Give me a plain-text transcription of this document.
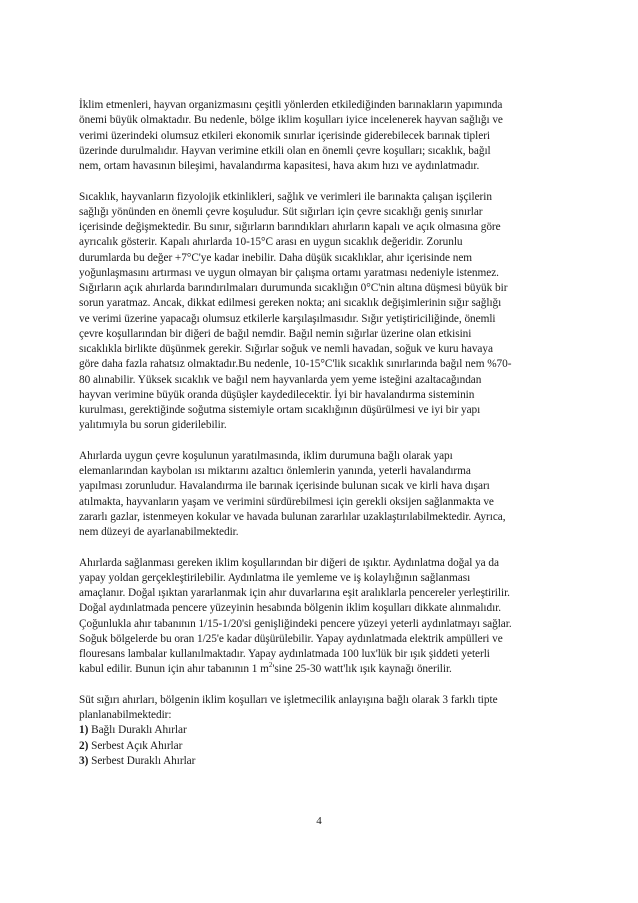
İklim etmenleri, hayvan organizmasını çeşitli yönlerden etkilediğinden barınakların yapımında
önemi büyük olmaktadır. Bu nedenle, bölge iklim koşulları iyice incelenerek hayvan sağlığı ve
verimi üzerindeki olumsuz etkileri ekonomik sınırlar içerisinde giderebilecek barınak tipleri
üzerinde durulmalıdır. Hayvan verimine etkili olan en önemli çevre koşulları; sıcaklık, bağıl
nem, ortam havasının bileşimi, havalandırma kapasitesi, hava akım hızı ve aydınlatmadır.

Sıcaklık, hayvanların fizyolojik etkinlikleri, sağlık ve verimleri ile barınakta çalışan işçilerin
sağlığı yönünden en önemli çevre koşuludur. Süt sığırları için çevre sıcaklığı geniş sınırlar
içerisinde değişmektedir. Bu sınır, sığırların barındıkları ahırların kapalı ve açık olmasına göre
ayrıcalık gösterir. Kapalı ahırlarda 10-15°C arası en uygun sıcaklık değeridir. Zorunlu
durumlarda bu değer +7°C'ye kadar inebilir. Daha düşük sıcaklıklar, ahır içerisinde nem
yoğunlaşmasını artırması ve uygun olmayan bir çalışma ortamı yaratması nedeniyle istenmez.
Sığırların açık ahırlarda barındırılmaları durumunda sıcaklığın 0°C'nin altına düşmesi büyük bir
sorun yaratmaz. Ancak, dikkat edilmesi gereken nokta; ani sıcaklık değişimlerinin sığır sağlığı
ve verimi üzerine yapacağı olumsuz etkilerle karşılaşılmasıdır. Sığır yetiştiriciliğinde, önemli
çevre koşullarından bir diğeri de bağıl nemdir. Bağıl nemin sığırlar üzerine olan etkisini
sıcaklıkla birlikte düşünmek gerekir. Sığırlar soğuk ve nemli havadan, soğuk ve kuru havaya
göre daha fazla rahatsız olmaktadır.Bu nedenle, 10-15°C'lik sıcaklık sınırlarında bağıl nem %70-
80 alınabilir. Yüksek sıcaklık ve bağıl nem hayvanlarda yem yeme isteğini azaltacağından
hayvan verimine büyük oranda düşüşler kaydedilecektir. İyi bir havalandırma sisteminin
kurulması, gerektiğinde soğutma sistemiyle ortam sıcaklığının düşürülmesi ve iyi bir yapı
yalıtımıyla bu sorun giderilebilir.

Ahırlarda uygun çevre koşulunun yaratılmasında, iklim durumuna bağlı olarak yapı
elemanlarından kaybolan ısı miktarını azaltıcı önlemlerin yanında, yeterli havalandırma
yapılması zorunludur. Havalandırma ile barınak içerisinde bulunan sıcak ve kirli hava dışarı
atılmakta, hayvanların yaşam ve verimini sürdürebilmesi için gerekli oksijen sağlanmakta ve
zararlı gazlar, istenmeyen kokular ve havada bulunan zararlılar uzaklaştırılabilmektedir. Ayrıca,
nem düzeyi de ayarlanabilmektedir.

Ahırlarda sağlanması gereken iklim koşullarından bir diğeri de ışıktır. Aydınlatma doğal ya da
yapay yoldan gerçekleştirilebilir. Aydınlatma ile yemleme ve iş kolaylığının sağlanması
amaçlanır. Doğal ışıktan yararlanmak için ahır duvarlarına eşit aralıklarla pencereler yerleştirilir.
Doğal aydınlatmada pencere yüzeyinin hesabında bölgenin iklim koşulları dikkate alınmalıdır.
Çoğunlukla ahır tabanının 1/15-1/20'si genişliğindeki pencere yüzeyi yeterli aydınlatmayı sağlar.
Soğuk bölgelerde bu oran 1/25'e kadar düşürülebilir. Yapay aydınlatmada elektrik ampülleri ve
flouresans lambalar kullanılmaktadır. Yapay aydınlatmada 100 lux'lük bir ışık şiddeti yeterli
kabul edilir. Bunun için ahır tabanının 1 $m^2'\sin e$ 25-30 watt'lık ışık kaynağı önerilir.

Süt sığırı ahırları, bölgenin iklim koşulları ve işletmecilik anlayışına bağlı olarak 3 farklı tipte
planlanabilmektedir:
1) Bağlı Duraklı Ahırlar
2) Serbest Açık Ahırlar
3) Serbest Duraklı Ahırlar
4
